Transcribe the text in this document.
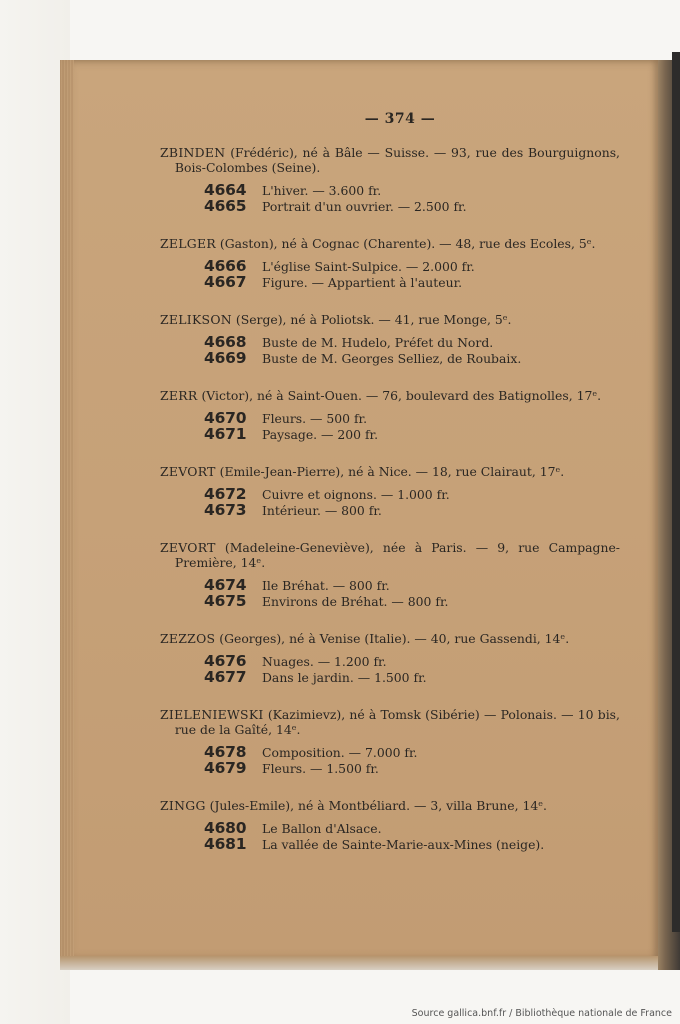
— 374 —
ZBINDEN (Frédéric), né à Bâle — Suisse. — 93, rue des Bourguignons, Bois-Colombes (Seine).
4664	L'hiver. — 3.600 fr.
4665	Portrait d'un ouvrier. — 2.500 fr.
ZELGER (Gaston), né à Cognac (Charente). — 48, rue des Ecoles, 5ᵉ.
4666	L'église Saint-Sulpice. — 2.000 fr.
4667	Figure. — Appartient à l'auteur.
ZELIKSON (Serge), né à Poliotsk. — 41, rue Monge, 5ᵉ.
4668	Buste de M. Hudelo, Préfet du Nord.
4669	Buste de M. Georges Selliez, de Roubaix.
ZERR (Victor), né à Saint-Ouen. — 76, boulevard des Batignolles, 17ᵉ.
4670	Fleurs. — 500 fr.
4671	Paysage. — 200 fr.
ZEVORT (Emile-Jean-Pierre), né à Nice. — 18, rue Clairaut, 17ᵉ.
4672	Cuivre et oignons. — 1.000 fr.
4673	Intérieur. — 800 fr.
ZEVORT (Madeleine-Geneviève), née à Paris. — 9, rue Campagne-Première, 14ᵉ.
4674	Ile Bréhat. — 800 fr.
4675	Environs de Bréhat. — 800 fr.
ZEZZOS (Georges), né à Venise (Italie). — 40, rue Gassendi, 14ᵉ.
4676	Nuages. — 1.200 fr.
4677	Dans le jardin. — 1.500 fr.
ZIELENIEWSKI (Kazimievz), né à Tomsk (Sibérie) — Polonais. — 10 bis, rue de la Gaîté, 14ᵉ.
4678	Composition. — 7.000 fr.
4679	Fleurs. — 1.500 fr.
ZINGG (Jules-Emile), né à Montbéliard. — 3, villa Brune, 14ᵉ.
4680	Le Ballon d'Alsace.
4681	La vallée de Sainte-Marie-aux-Mines (neige).
Source gallica.bnf.fr / Bibliothèque nationale de France
